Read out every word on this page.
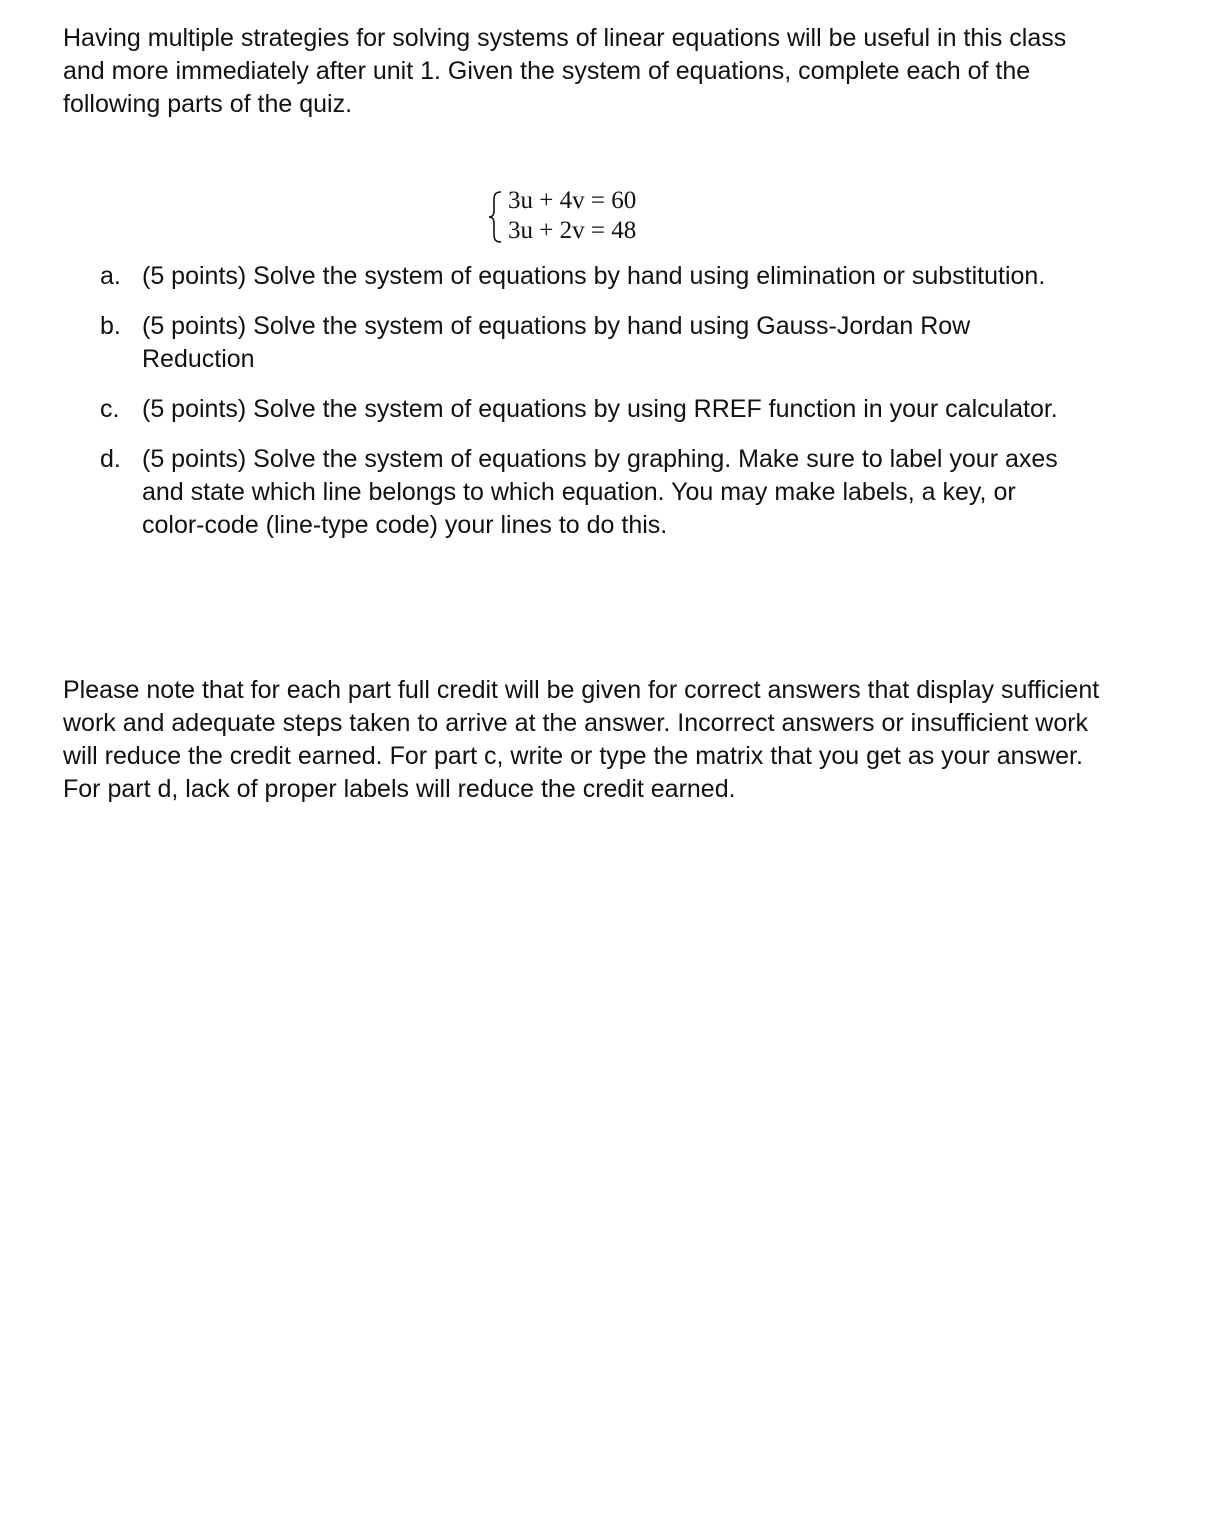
Having multiple strategies for solving systems of linear equations will be useful in this class and more immediately after unit 1. Given the system of equations, complete each of the following parts of the quiz.

3u + 4v = 60
3u + 2v = 48
a. (5 points) Solve the system of equations by hand using elimination or substitution.
b. (5 points) Solve the system of equations by hand using Gauss-Jordan Row Reduction
c. (5 points) Solve the system of equations by using RREF function in your calculator.
d. (5 points) Solve the system of equations by graphing. Make sure to label your axes and state which line belongs to which equation. You may make labels, a key, or color-code (line-type code) your lines to do this.

Please note that for each part full credit will be given for correct answers that display sufficient work and adequate steps taken to arrive at the answer. Incorrect answers or insufficient work will reduce the credit earned. For part c, write or type the matrix that you get as your answer. For part d, lack of proper labels will reduce the credit earned.
